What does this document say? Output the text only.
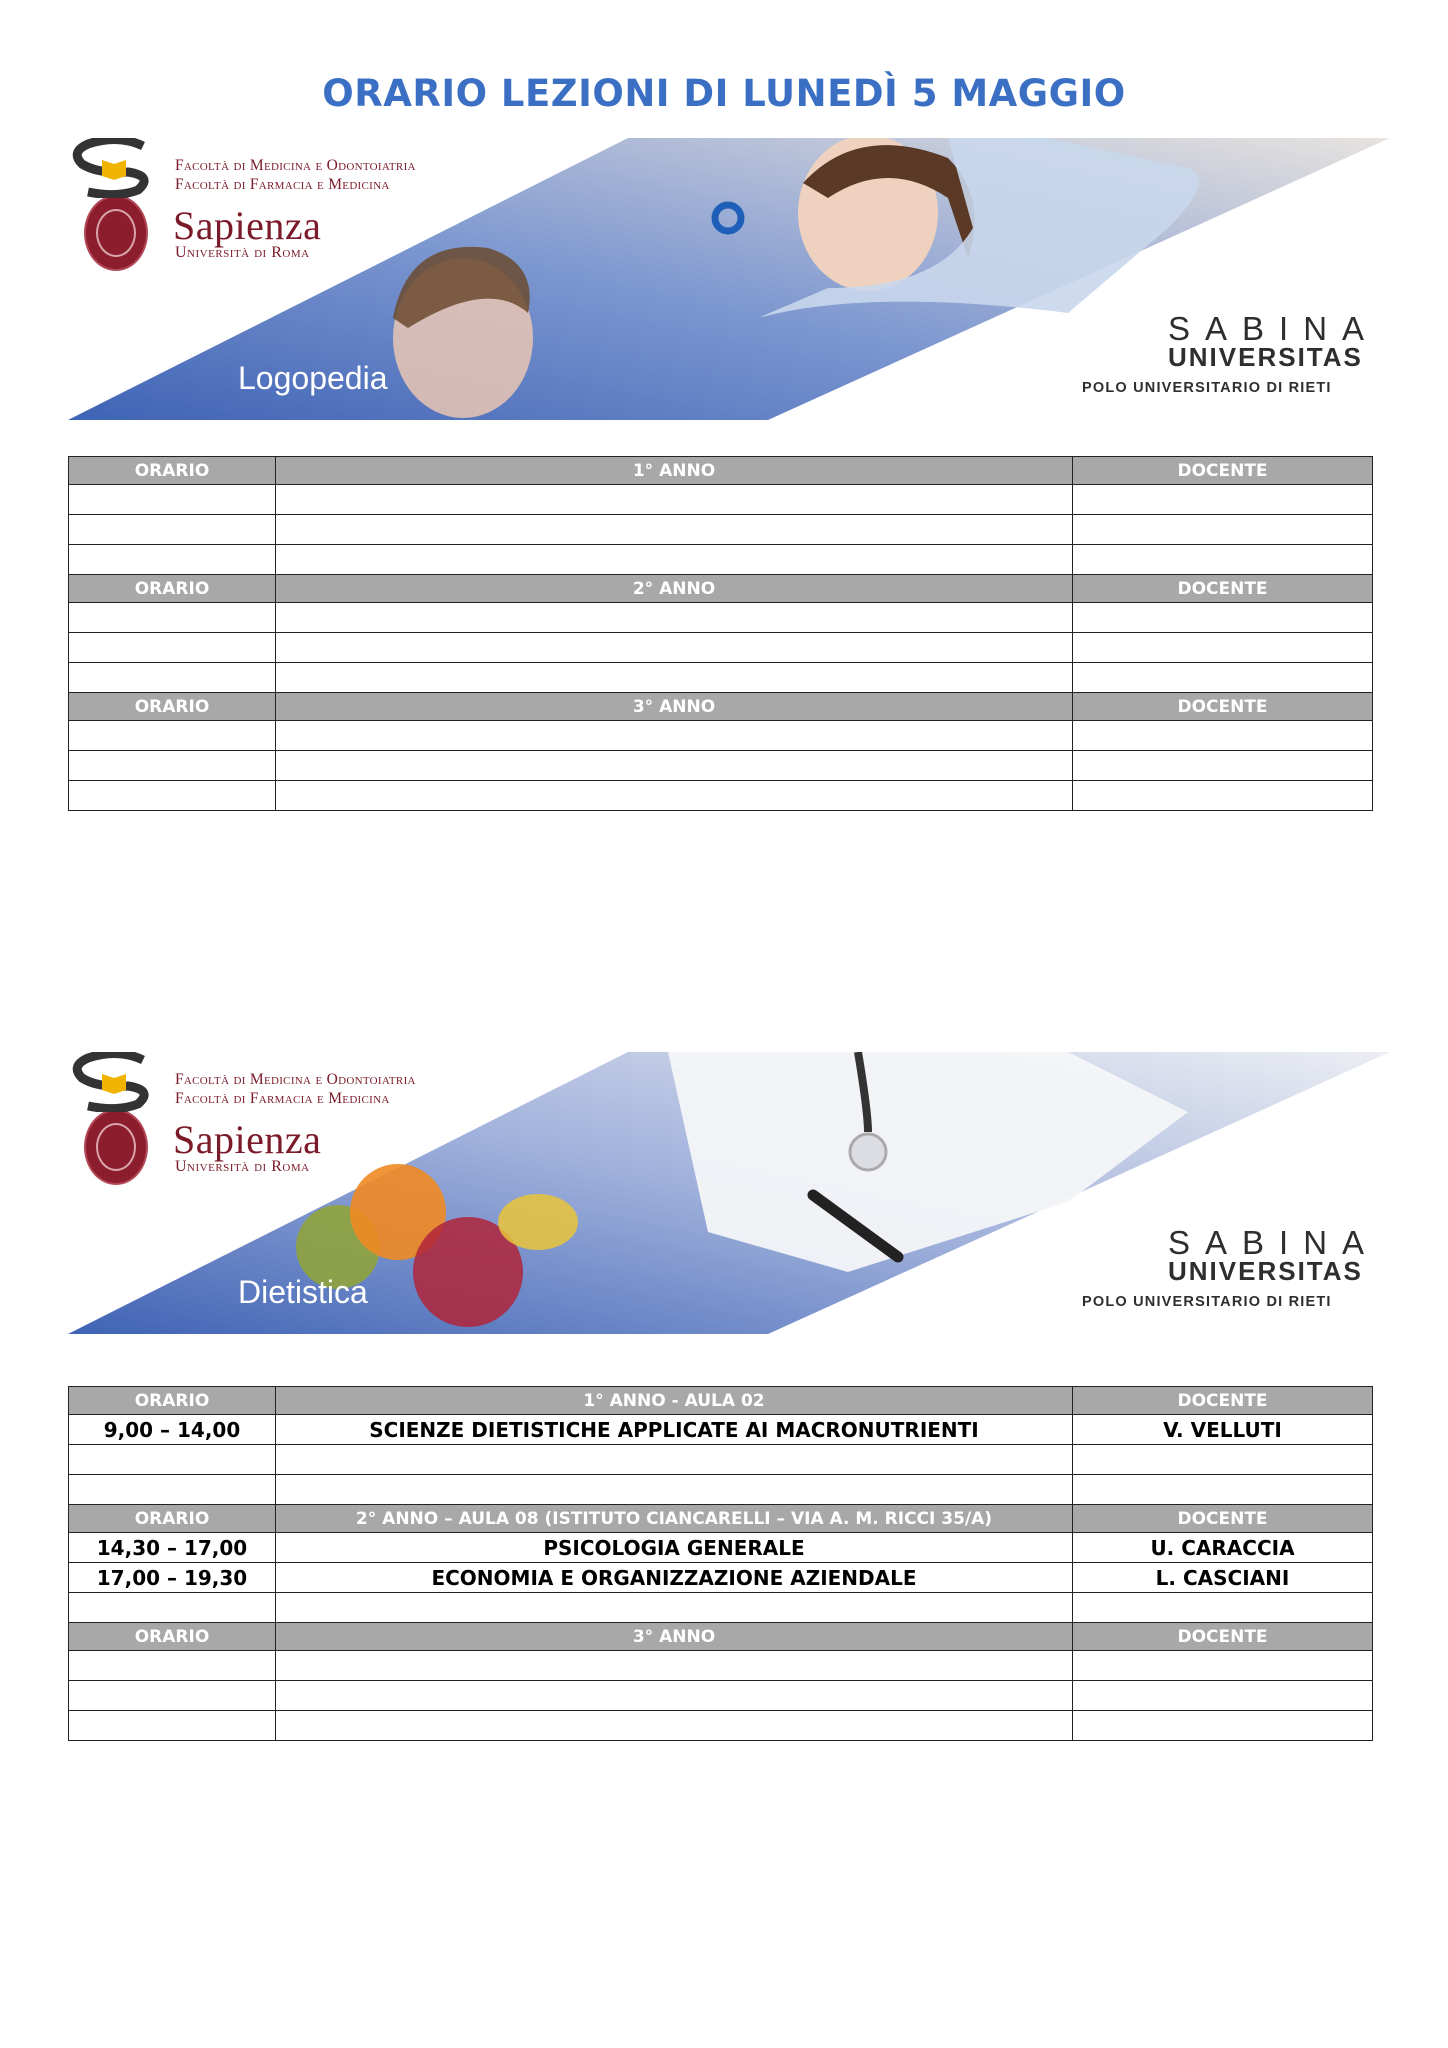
ORARIO LEZIONI DI LUNEDÌ 5 MAGGIO
Facoltà di Medicina e Odontoiatria
Facoltà di Farmacia e Medicina
Sapienza
Università di Roma
Logopedia
SABINA
UNIVERSITAS
POLO UNIVERSITARIO DI RIETI
ORARIO	1° ANNO	DOCENTE

ORARIO	2° ANNO	DOCENTE

ORARIO	3° ANNO	DOCENTE

Facoltà di Medicina e Odontoiatria
Facoltà di Farmacia e Medicina
Sapienza
Università di Roma
Dietistica
SABINA
UNIVERSITAS
POLO UNIVERSITARIO DI RIETI
ORARIO	1° ANNO - AULA 02	DOCENTE
9,00 – 14,00	SCIENZE DIETISTICHE APPLICATE AI MACRONUTRIENTI	V. VELLUTI

ORARIO	2° ANNO – AULA 08 (ISTITUTO CIANCARELLI – VIA A. M. RICCI 35/A)	DOCENTE
14,30 – 17,00	PSICOLOGIA GENERALE	U. CARACCIA
17,00 – 19,30	ECONOMIA E ORGANIZZAZIONE AZIENDALE	L. CASCIANI

ORARIO	3° ANNO	DOCENTE
